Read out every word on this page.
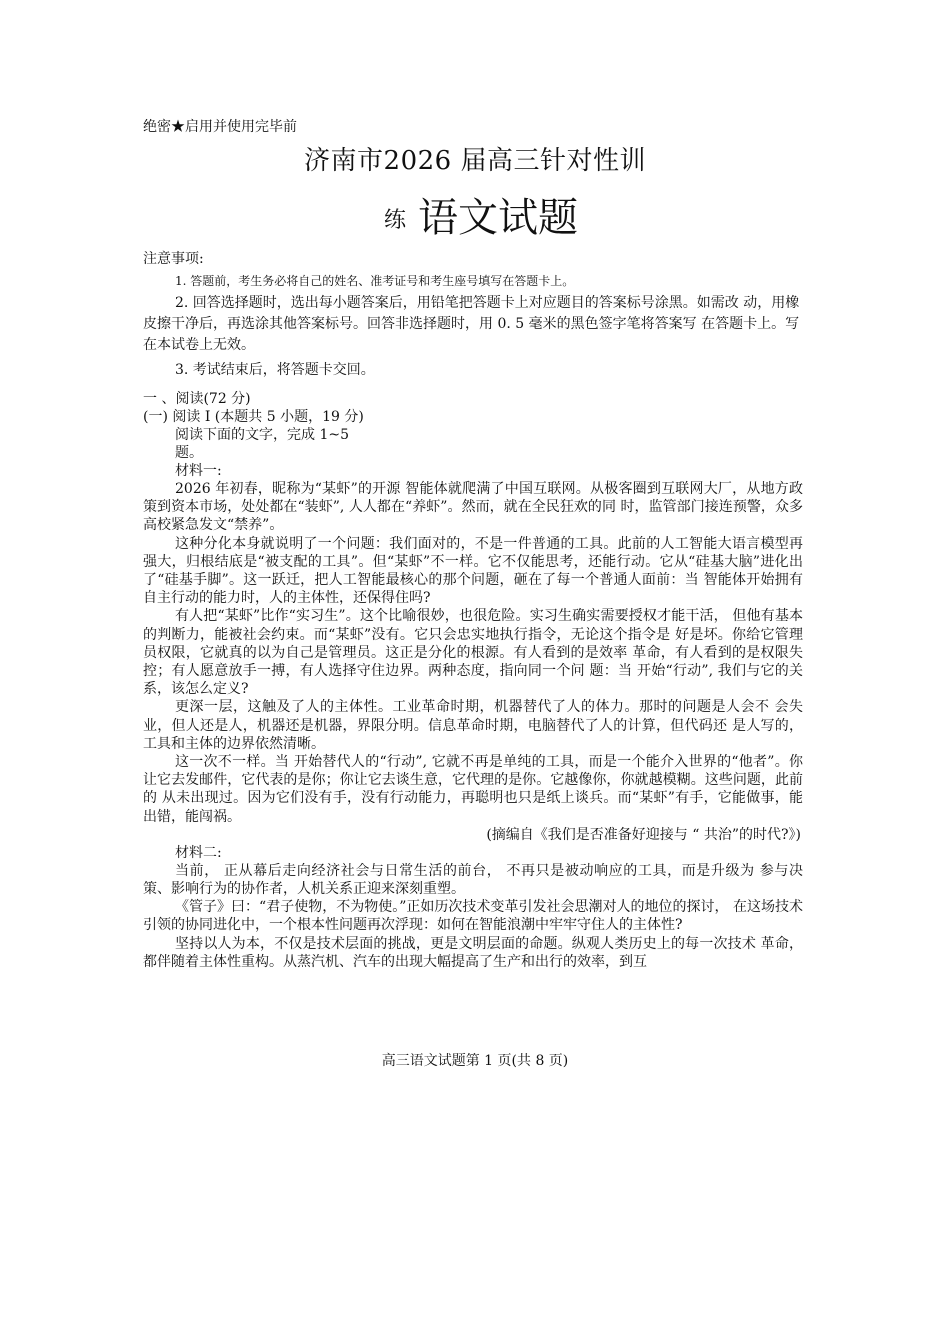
绝密★启用并使用完毕前
济南市2026 届高三针对性训
练 语文试题
注意事项:
1. 答题前，考生务必将自己的姓名、准考证号和考生座号填写在答题卡上。
2. 回答选择题时，选出每小题答案后，用铅笔把答题卡上对应题目的答案标号涂黑。如需改 动，用橡皮擦干净后，再选涂其他答案标号。回答非选择题时，用 0. 5 毫米的黑色签字笔将答案写 在答题卡上。写在本试卷上无效。
3. 考试结束后，将答题卡交回。
一 、阅读(72 分)
(一) 阅读 I (本题共 5 小题，19 分)
阅读下面的文字，完成 1~5
题。
材料一:

2026 年初春，昵称为“某虾”的开源 智能体就爬满了中国互联网。从极客圈到互联网大厂，从地方政策到资本市场，处处都在“装虾”, 人人都在“养虾”。然而，就在全民狂欢的同 时，监管部门接连预警，众多高校紧急发文“禁养”。

这种分化本身就说明了一个问题：我们面对的，不是一件普通的工具。此前的人工智能大语言模型再强大，归根结底是“被支配的工具”。但“某虾”不一样。它不仅能思考，还能行动。它从“硅基大脑”进化出了“硅基手脚”。这一跃迁，把人工智能最核心的那个问题，砸在了每一个普通人面前：当 智能体开始拥有自主行动的能力时，人的主体性，还保得住吗?

有人把“某虾”比作“实习生”。这个比喻很妙，也很危险。实习生确实需要授权才能干活， 但他有基本的判断力，能被社会约束。而“某虾”没有。它只会忠实地执行指令，无论这个指令是 好是坏。你给它管理员权限，它就真的以为自己是管理员。这正是分化的根源。有人看到的是效率 革命，有人看到的是权限失控；有人愿意放手一搏，有人选择守住边界。两种态度，指向同一个问 题：当 开始“行动”, 我们与它的关系，该怎么定义?

更深一层，这触及了人的主体性。工业革命时期，机器替代了人的体力。那时的问题是人会不 会失业，但人还是人，机器还是机器，界限分明。信息革命时期，电脑替代了人的计算，但代码还 是人写的，工具和主体的边界依然清晰。

这一次不一样。当 开始替代人的“行动”, 它就不再是单纯的工具，而是一个能介入世界的“他者”。你让它去发邮件，它代表的是你；你让它去谈生意，它代理的是你。它越像你，你就越模糊。这些问题，此前的 从未出现过。因为它们没有手，没有行动能力，再聪明也只是纸上谈兵。而“某虾”有手，它能做事，能出错，能闯祸。

(摘编自《我们是否准备好迎接与 “ 共治”的时代?》)

材料二:

当前， 正从幕后走向经济社会与日常生活的前台， 不再只是被动响应的工具，而是升级为 参与决策、影响行为的协作者，人机关系正迎来深刻重塑。

《管子》曰：“君子使物，不为物使。”正如历次技术变革引发社会思潮对人的地位的探讨， 在这场技术引领的协同进化中，一个根本性问题再次浮现：如何在智能浪潮中牢牢守住人的主体性?

坚持以人为本，不仅是技术层面的挑战，更是文明层面的命题。纵观人类历史上的每一次技术 革命，都伴随着主体性重构。从蒸汽机、汽车的出现大幅提高了生产和出行的效率，到互

高三语文试题第 1 页(共 8 页)
